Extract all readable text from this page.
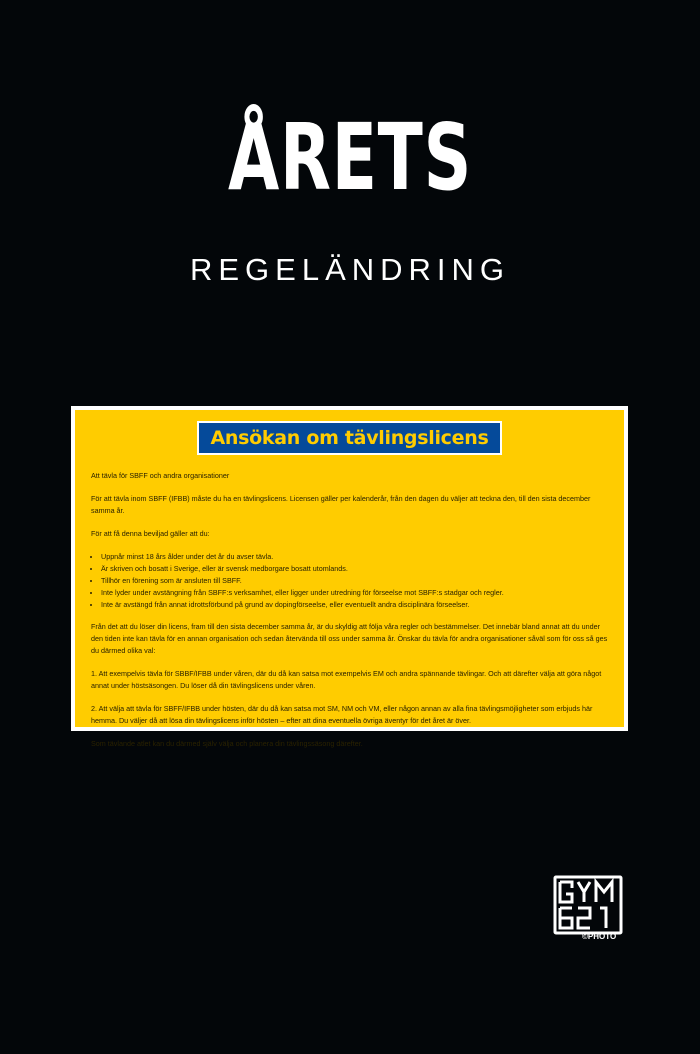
ÅRETS
REGELÄNDRING
Ansökan om tävlingslicens

Att tävla för SBFF och andra organisationer

För att tävla inom SBFF (IFBB) måste du ha en tävlingslicens. Licensen gäller per kalenderår, från den dagen du väljer att teckna den, till den sista december samma år.

För att få denna beviljad gäller att du:

• Uppnår minst 18 års ålder under det år du avser tävla.
• Är skriven och bosatt i Sverige, eller är svensk medborgare bosatt utomlands.
• Tillhör en förening som är ansluten till SBFF.
• Inte lyder under avstängning från SBFF:s verksamhet, eller ligger under utredning för förseelse mot SBFF:s stadgar och regler.
• Inte är avstängd från annat idrottsförbund på grund av dopingförseelse, eller eventuellt andra disciplinära förseelser.

Från det att du löser din licens, fram till den sista december samma år, är du skyldig att följa våra regler och bestämmelser. Det innebär bland annat att du under den tiden inte kan tävla för en annan organisation och sedan återvända till oss under samma år. Önskar du tävla för andra organisationer såväl som för oss så ges du därmed olika val:

1. Att exempelvis tävla för SBBF/IFBB under våren, där du då kan satsa mot exempelvis EM och andra spännande tävlingar. Och att därefter välja att göra något annat under höstsäsongen. Du löser då din tävlingslicens under våren.

2. Att välja att tävla för SBFF/IFBB under hösten, där du då kan satsa mot SM, NM och VM, eller någon annan av alla fina tävlingsmöjligheter som erbjuds här hemma. Du väljer då att lösa din tävlingslicens inför hösten – efter att dina eventuella övriga äventyr för det året är över.

Som tävlande atlet kan du därmed själv välja och planera din tävlingssäsong därefter.

©PHOTO
